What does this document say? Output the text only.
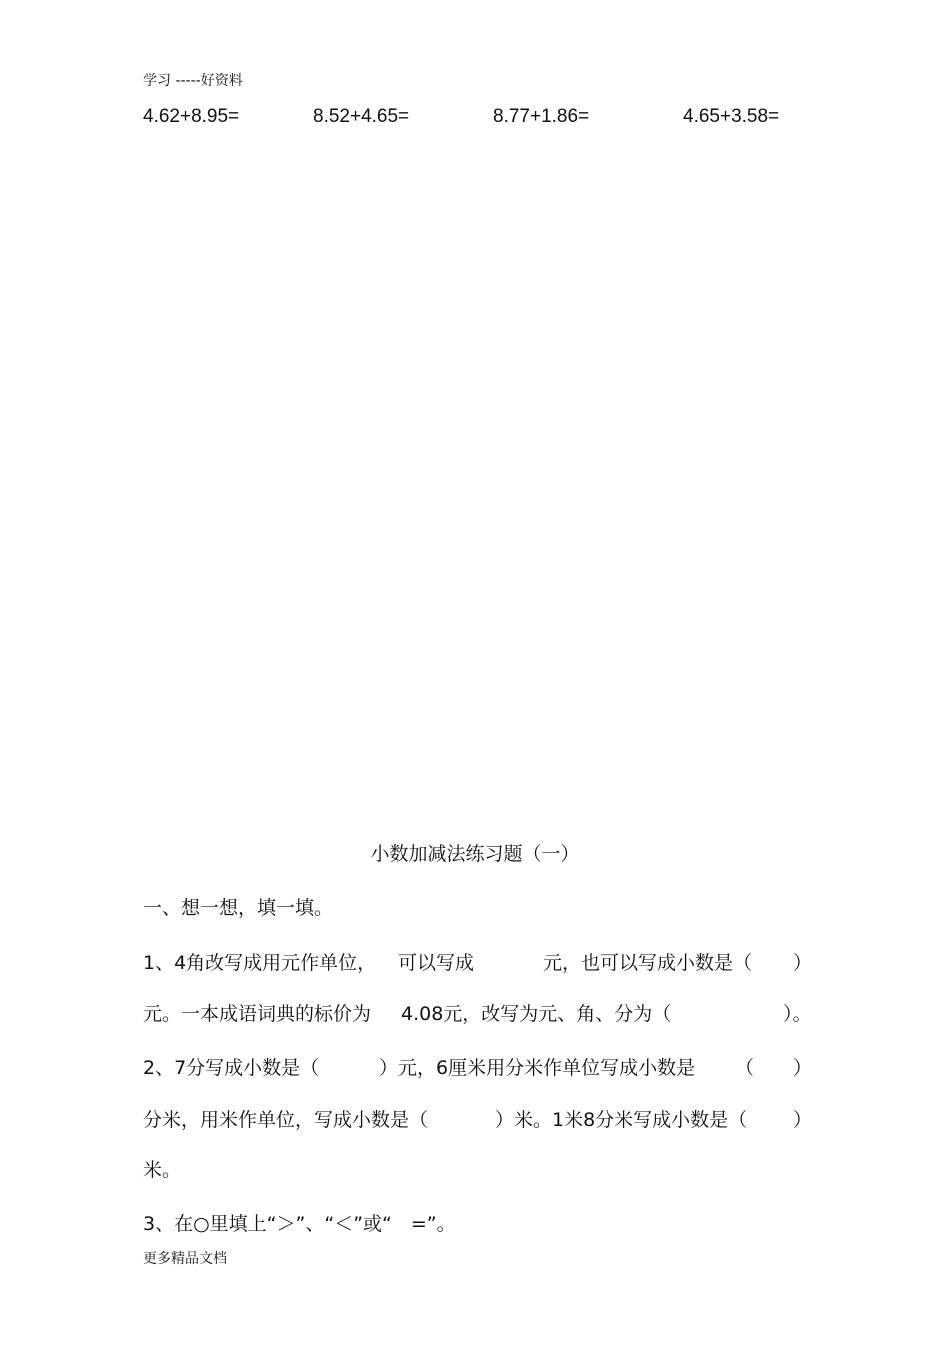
学习 -----好资料
4.62+8.95=	8.52+4.65=	8.77+1.86=	4.65+3.58=
小数加减法练习题（一）
一、想一想，填一填。
1、4角改写成用元作单位， 可以写成	元，也可以写成小数是（ ）
元。一本成语词典的标价为 4.08元，改写为元、角、分为（	）。
2、7分写成小数是（	）元，6厘米用分米作单位写成小数是 （ ）
分米，用米作单位，写成小数是（	）米。1米8分米写成小数是（ ）
米。
3、在○里填上“＞”、“＜”或“　=”。
更多精品文档
